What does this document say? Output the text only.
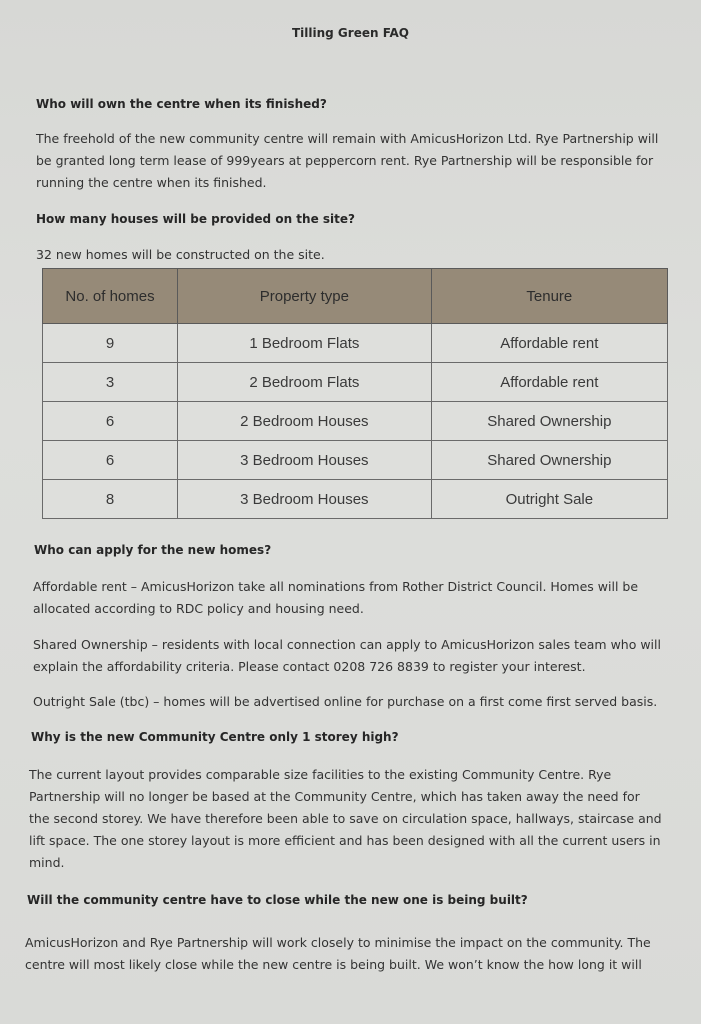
Tilling Green FAQ
Who will own the centre when its finished?
The freehold of the new community centre will remain with AmicusHorizon Ltd. Rye Partnership will
be granted long term lease of 999years at peppercorn rent. Rye Partnership will be responsible for
running the centre when its finished.
How many houses will be provided on the site?
32 new homes will be constructed on the site.
No. of homes	Property type	Tenure
9	1 Bedroom Flats	Affordable rent
3	2 Bedroom Flats	Affordable rent
6	2 Bedroom Houses	Shared Ownership
6	3 Bedroom Houses	Shared Ownership
8	3 Bedroom Houses	Outright Sale
Who can apply for the new homes?
Affordable rent – AmicusHorizon take all nominations from Rother District Council. Homes will be
allocated according to RDC policy and housing need.
Shared Ownership – residents with local connection can apply to AmicusHorizon sales team who will
explain the affordability criteria. Please contact 0208 726 8839 to register your interest.
Outright Sale (tbc) – homes will be advertised online for purchase on a first come first served basis.
Why is the new Community Centre only 1 storey high?
The current layout provides comparable size facilities to the existing Community Centre. Rye
Partnership will no longer be based at the Community Centre, which has taken away the need for
the second storey. We have therefore been able to save on circulation space, hallways, staircase and
lift space. The one storey layout is more efficient and has been designed with all the current users in
mind.
Will the community centre have to close while the new one is being built?
AmicusHorizon and Rye Partnership will work closely to minimise the impact on the community. The
centre will most likely close while the new centre is being built. We won’t know the how long it will
